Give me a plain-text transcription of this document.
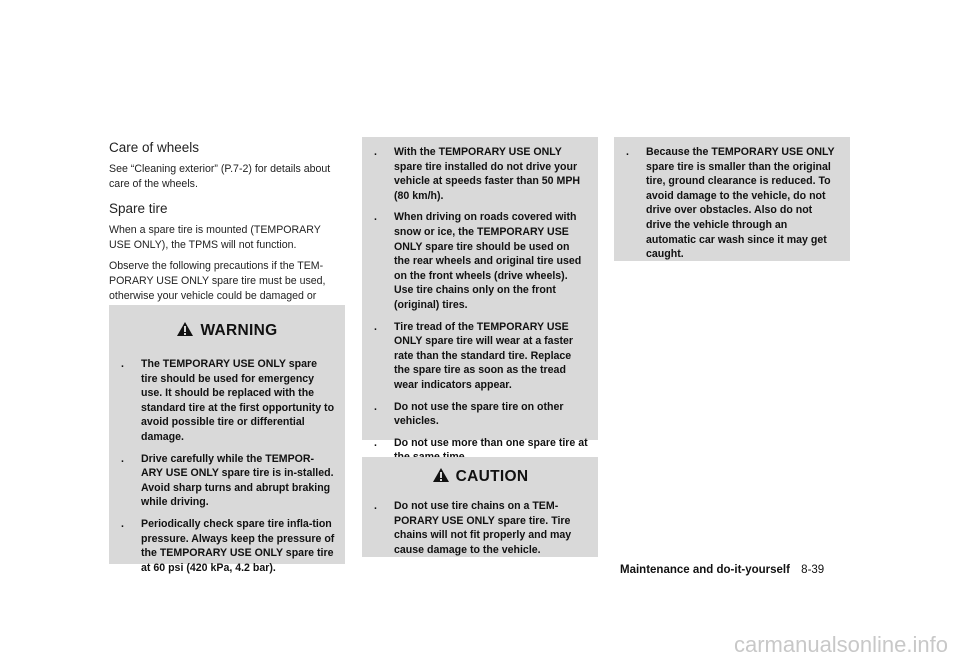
Care of wheels
See “Cleaning exterior” (P.7-2) for details about care of the wheels.
Spare tire
When a spare tire is mounted (TEMPORARY USE ONLY), the TPMS will not function.
Observe the following precautions if the TEM-PORARY USE ONLY spare tire must be used, otherwise your vehicle could be damaged or
WARNING
. The TEMPORARY USE ONLY spare tire should be used for emergency use. It should be replaced with the standard tire at the first opportunity to avoid possible tire or differential damage.
. Drive carefully while the TEMPOR-ARY USE ONLY spare tire is in-stalled. Avoid sharp turns and abrupt braking while driving.
. Periodically check spare tire infla-tion pressure. Always keep the pressure of the TEMPORARY USE ONLY spare tire at 60 psi (420 kPa, 4.2 bar).
. With the TEMPORARY USE ONLY spare tire installed do not drive your vehicle at speeds faster than 50 MPH (80 km/h).
. When driving on roads covered with snow or ice, the TEMPORARY USE ONLY spare tire should be used on the rear wheels and original tire used on the front wheels (drive wheels). Use tire chains only on the front (original) tires.
. Tire tread of the TEMPORARY USE ONLY spare tire will wear at a faster rate than the standard tire. Replace the spare tire as soon as the tread wear indicators appear.
. Do not use the spare tire on other vehicles.
. Do not use more than one spare tire at
CAUTION
. Do not use tire chains on a TEM-PORARY USE ONLY spare tire. Tire chains will not fit properly and may cause damage to the vehicle.
. Because the TEMPORARY USE ONLY spare tire is smaller than the original tire, ground clearance is reduced. To avoid damage to the vehicle, do not drive over obstacles. Also do not drive the vehicle through an automatic car wash since it may get caught.
Maintenance and do-it-yourself 8-39
carmanualsonline.info
